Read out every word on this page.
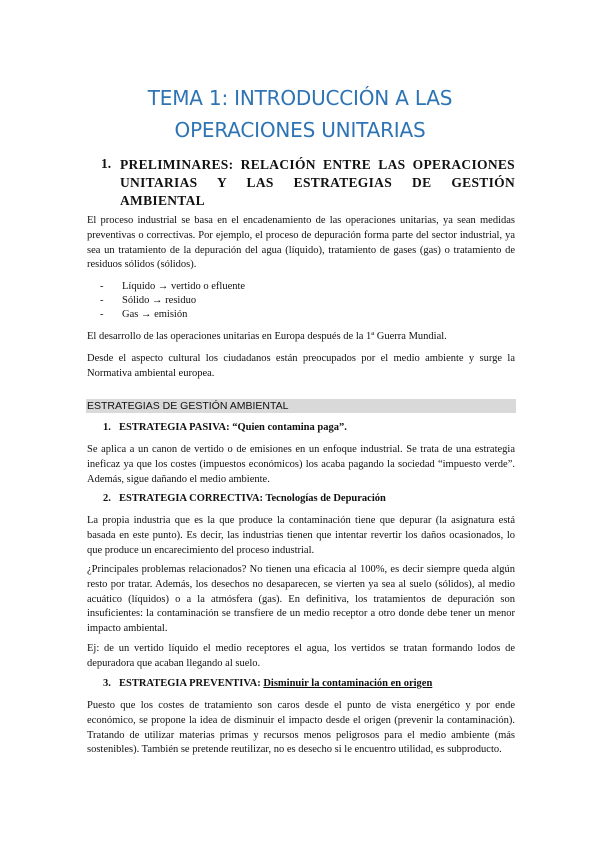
TEMA 1: INTRODUCCIÓN A LAS
OPERACIONES UNITARIAS

1. PRELIMINARES: RELACIÓN ENTRE LAS OPERACIONES UNITARIAS Y LAS ESTRATEGIAS DE GESTIÓN AMBIENTAL

El proceso industrial se basa en el encadenamiento de las operaciones unitarias, ya sean medidas preventivas o correctivas. Por ejemplo, el proceso de depuración forma parte del sector industrial, ya sea un tratamiento de la depuración del agua (líquido), tratamiento de gases (gas) o tratamiento de residuos sólidos (sólidos).

- Líquido → vertido o efluente
- Sólido → residuo
- Gas → emisión

El desarrollo de las operaciones unitarias en Europa después de la 1ª Guerra Mundial.

Desde el aspecto cultural los ciudadanos están preocupados por el medio ambiente y surge la Normativa ambiental europea.

ESTRATEGIAS DE GESTIÓN AMBIENTAL

1. ESTRATEGIA PASIVA: “Quien contamina paga”.

Se aplica a un canon de vertido o de emisiones en un enfoque industrial. Se trata de una estrategia ineficaz ya que los costes (impuestos económicos) los acaba pagando la sociedad “impuesto verde”. Además, sigue dañando el medio ambiente.

2. ESTRATEGIA CORRECTIVA: Tecnologías de Depuración

La propia industria que es la que produce la contaminación tiene que depurar (la asignatura está basada en este punto). Es decir, las industrias tienen que intentar revertir los daños ocasionados, lo que produce un encarecimiento del proceso industrial.

¿Principales problemas relacionados? No tienen una eficacia al 100%, es decir siempre queda algún resto por tratar. Además, los desechos no desaparecen, se vierten ya sea al suelo (sólidos), al medio acuático (líquidos) o a la atmósfera (gas). En definitiva, los tratamientos de depuración son insuficientes: la contaminación se transfiere de un medio receptor a otro donde debe tener un menor impacto ambiental.

Ej: de un vertido líquido el medio receptores el agua, los vertidos se tratan formando lodos de depuradora que acaban llegando al suelo.

3. ESTRATEGIA PREVENTIVA: Disminuir la contaminación en origen

Puesto que los costes de tratamiento son caros desde el punto de vista energético y por ende económico, se propone la idea de disminuir el impacto desde el origen (prevenir la contaminación). Tratando de utilizar materias primas y recursos menos peligrosos para el medio ambiente (más sostenibles). También se pretende reutilizar, no es desecho si le encuentro utilidad, es subproducto.
